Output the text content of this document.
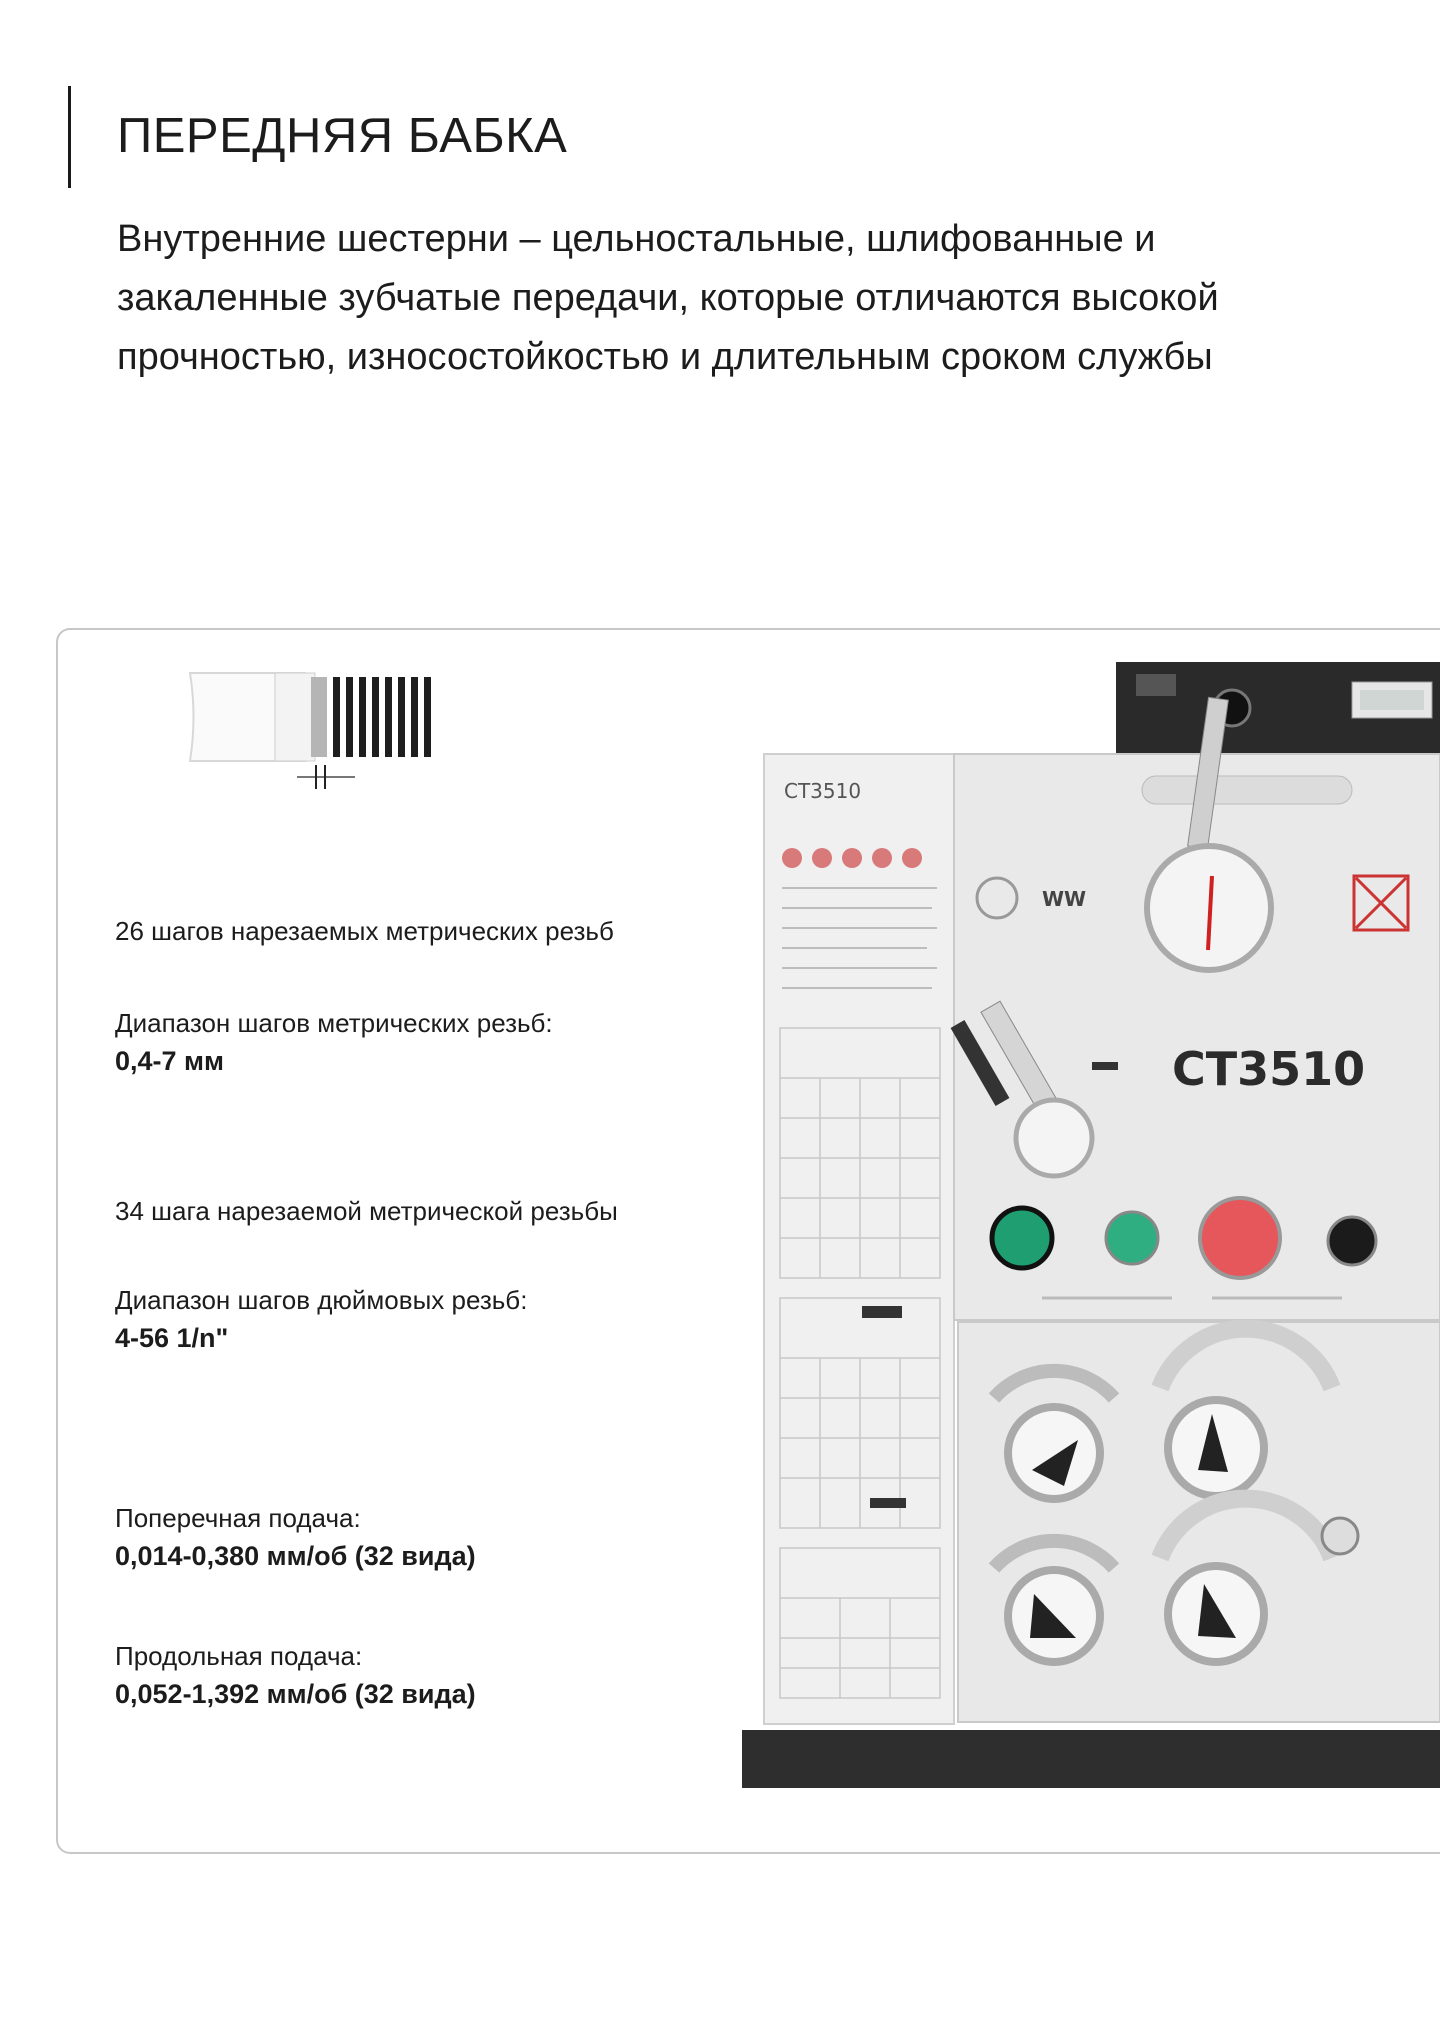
ПЕРЕДНЯЯ БАБКА

Внутренние шестерни – цельностальные, шлифованные и закаленные зубчатые передачи, которые отличаются высокой прочностью, износостойкостью и длительным сроком службы

26 шагов нарезаемых метрических резьб
Диапазон шагов метрических резьб:
0,4-7 мм
34 шага нарезаемой метрической резьбы
Диапазон шагов дюймовых резьб:
4-56 1/n"
Поперечная подача:
0,014-0,380 мм/об (32 вида)
Продольная подача:
0,052-1,392 мм/об (32 вида)
CT3510
WW
CT3510
